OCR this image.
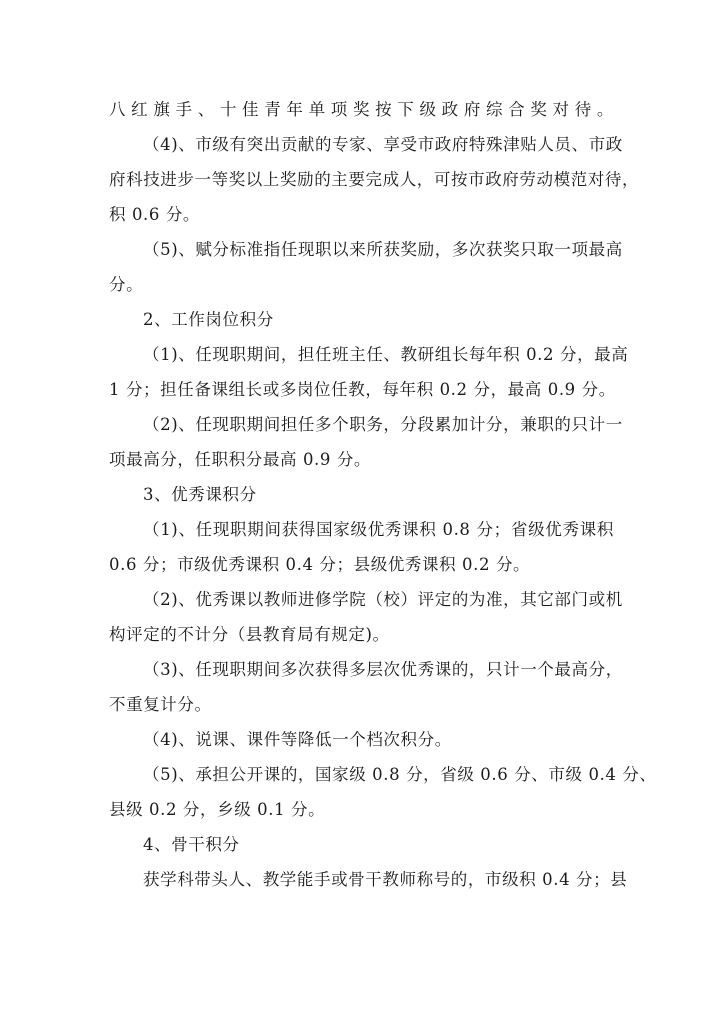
八红旗手、十佳青年单项奖按下级政府综合奖对待。
（4)、市级有突出贡献的专家、享受市政府特殊津贴人员、市政
府科技进步一等奖以上奖励的主要完成人，可按市政府劳动模范对待，
积 0.6 分。
（5)、赋分标准指任现职以来所获奖励，多次获奖只取一项最高
分。
2、工作岗位积分
（1)、任现职期间，担任班主任、教研组长每年积 0.2 分，最高
1 分；担任备课组长或多岗位任教，每年积 0.2 分，最高 0.9 分。
（2)、任现职期间担任多个职务，分段累加计分，兼职的只计一
项最高分，任职积分最高 0.9 分。
3、优秀课积分
（1)、任现职期间获得国家级优秀课积 0.8 分；省级优秀课积
0.6 分；市级优秀课积 0.4 分；县级优秀课积 0.2 分。
（2)、优秀课以教师进修学院（校）评定的为准，其它部门或机
构评定的不计分（县教育局有规定)。
（3)、任现职期间多次获得多层次优秀课的，只计一个最高分，
不重复计分。
（4)、说课、课件等降低一个档次积分。
（5)、承担公开课的，国家级 0.8 分，省级 0.6 分、市级 0.4 分、
县级 0.2 分，乡级 0.1 分。
4、骨干积分
获学科带头人、教学能手或骨干教师称号的，市级积 0.4 分；县
